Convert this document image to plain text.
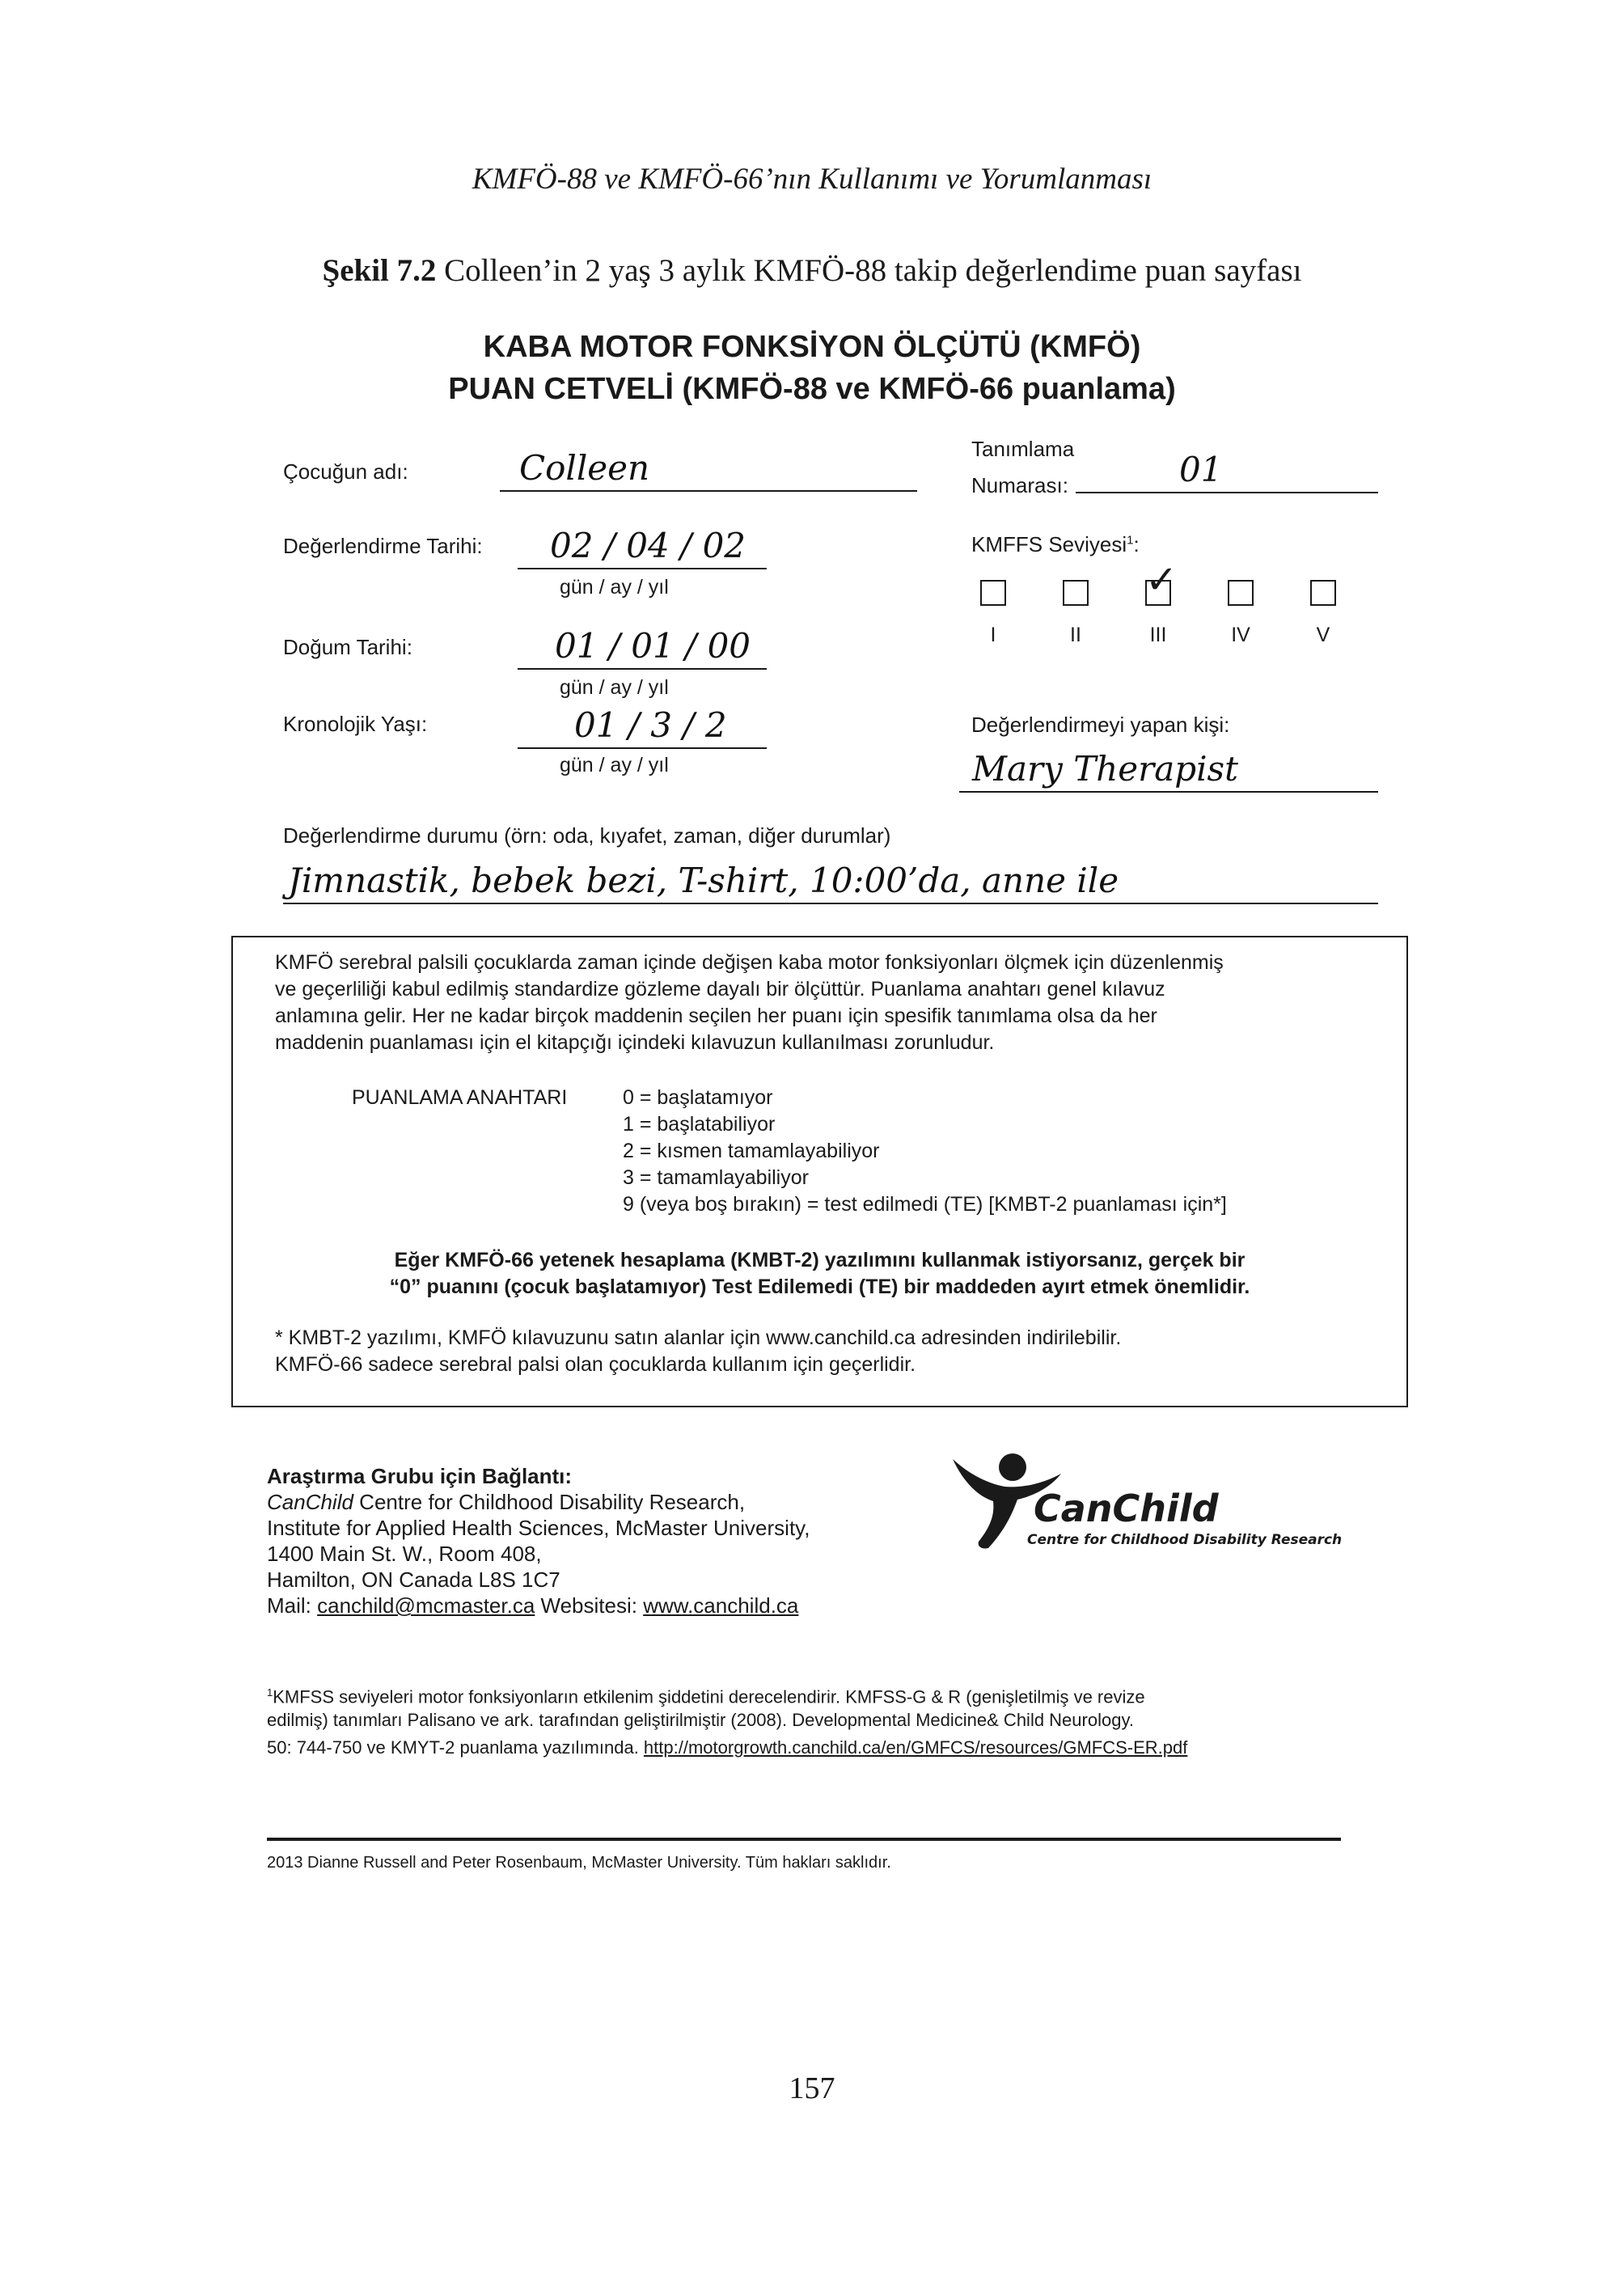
KMFÖ-88 ve KMFÖ-66’nın Kullanımı ve Yorumlanması
Şekil 7.2 Colleen’in 2 yaş 3 aylık KMFÖ-88 takip değerlendime puan sayfası
KABA MOTOR FONKSİYON ÖLÇÜTÜ (KMFÖ)
PUAN CETVELİ (KMFÖ-88 ve KMFÖ-66 puanlama)
Çocuğun adı:	Colleen	Tanımlama
Numarası:	01
Değerlendirme Tarihi: 02 / 04 / 02
gün / ay / yıl
Doğum Tarihi:	01 / 01 / 00
gün / ay / yıl
Kronolojik Yaşı:	01 / 3 / 2
gün / ay / yıl
KMFFS Seviyesi$^1$:
✓
I	II	III	IV	V
Değerlendirmeyi yapan kişi:
Mary Therapist
Değerlendirme durumu (örn: oda, kıyafet, zaman, diğer durumlar)
Jimnastik, bebek bezi, T-shirt, 10:00’da, anne ile
KMFÖ serebral palsili çocuklarda zaman içinde değişen kaba motor fonksiyonları ölçmek için düzenlenmiş
ve geçerliliği kabul edilmiş standardize gözleme dayalı bir ölçüttür. Puanlama anahtarı genel kılavuz
anlamına gelir. Her ne kadar birçok maddenin seçilen her puanı için spesifik tanımlama olsa da her
maddenin puanlaması için el kitapçığı içindeki kılavuzun kullanılması zorunludur.
PUANLAMA ANAHTARI	0 = başlatamıyor
1 = başlatabiliyor
2 = kısmen tamamlayabiliyor
3 = tamamlayabiliyor
9 (veya boş bırakın) = test edilmedi (TE) [KMBT-2 puanlaması için*]
Eğer KMFÖ-66 yetenek hesaplama (KMBT-2) yazılımını kullanmak istiyorsanız, gerçek bir
“0” puanını (çocuk başlatamıyor) Test Edilemedi (TE) bir maddeden ayırt etmek önemlidir.
* KMBT-2 yazılımı, KMFÖ kılavuzunu satın alanlar için www.canchild.ca adresinden indirilebilir.
KMFÖ-66 sadece serebral palsi olan çocuklarda kullanım için geçerlidir.
Araştırma Grubu için Bağlantı:
CanChild Centre for Childhood Disability Research,
Institute for Applied Health Sciences, McMaster University,
1400 Main St. W., Room 408,
Hamilton, ON Canada L8S 1C7
Mail: canchild@mcmaster.ca Websitesi: www.canchild.ca
CanChild
Centre for Childhood Disability Research
$^1$KMFSS seviyeleri motor fonksiyonların etkilenim şiddetini derecelendirir. KMFSS-G & R (genişletilmiş ve revize
edilmiş) tanımları Palisano ve ark. tarafından geliştirilmiştir (2008). Developmental Medicine& Child Neurology.
50: 744-750 ve KMYT-2 puanlama yazılımında. http://motorgrowth.canchild.ca/en/GMFCS/resources/GMFCS-ER.pdf
2013 Dianne Russell and Peter Rosenbaum, McMaster University. Tüm hakları saklıdır.
157
